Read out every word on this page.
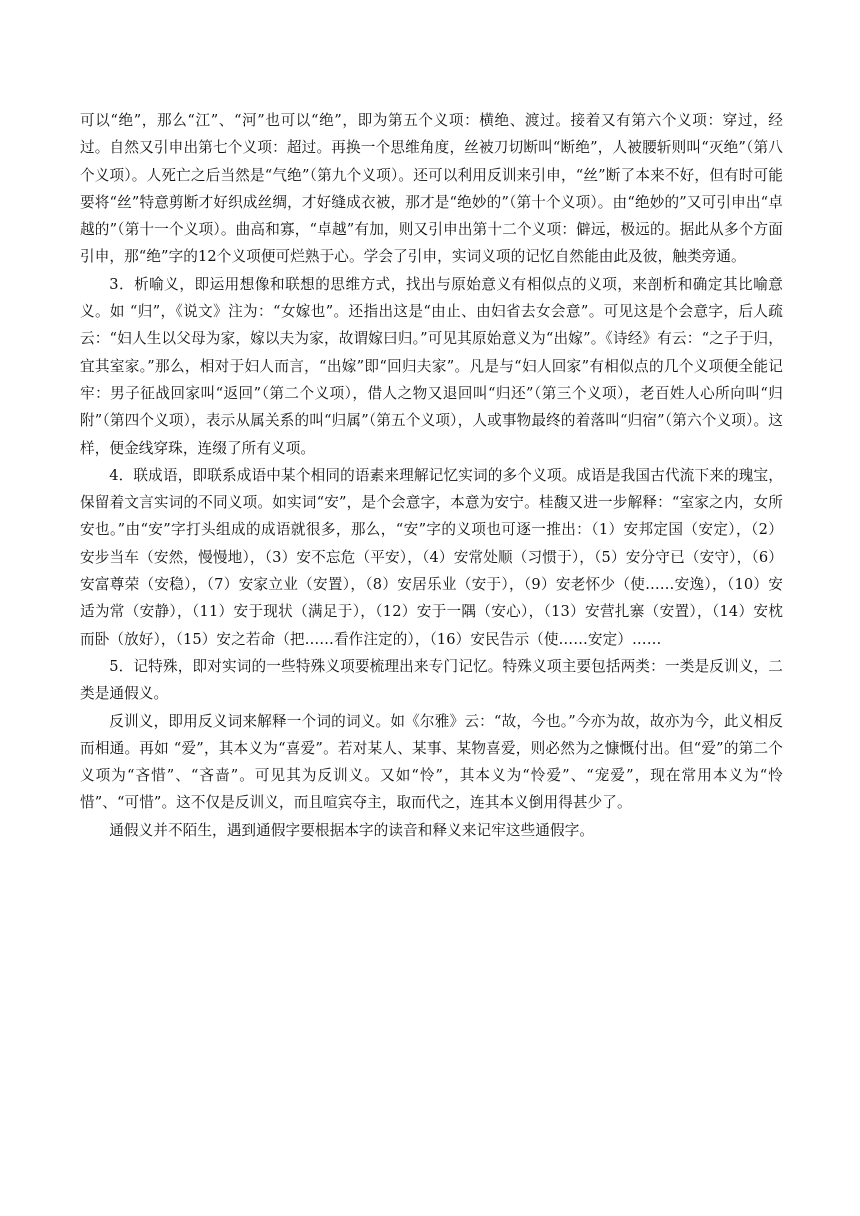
可以“绝”，那么“江”、“河”也可以“绝”，即为第五个义项：横绝、渡过。接着又有第六个义项：穿过，经过。自然又引申出第七个义项：超过。再换一个思维角度，丝被刀切断叫“断绝”，人被腰斩则叫“灭绝”（第八个义项）。人死亡之后当然是“气绝”（第九个义项）。还可以利用反训来引申，“丝”断了本来不好，但有时可能要将“丝”特意剪断才好织成丝绸，才好缝成衣被，那才是“绝妙的”（第十个义项）。由“绝妙的”又可引申出“卓越的”（第十一个义项）。曲高和寡，“卓越”有加，则又引申出第十二个义项：僻远，极远的。据此从多个方面引申，那“绝”字的12个义项便可烂熟于心。学会了引申，实词义项的记忆自然能由此及彼，触类旁通。

3．析喻义，即运用想像和联想的思维方式，找出与原始意义有相似点的义项，来剖析和确定其比喻意义。如 “归”，《说文》注为：“女嫁也”。还指出这是“由止、由妇省去女会意”。可见这是个会意字，后人疏云：“妇人生以父母为家，嫁以夫为家，故谓嫁曰归。”可见其原始意义为“出嫁”。《诗经》有云：“之子于归，宜其室家。”那么，相对于妇人而言，“出嫁”即“回归夫家”。凡是与“妇人回家”有相似点的几个义项便全能记牢：男子征战回家叫“返回”（第二个义项），借人之物又退回叫“归还”（第三个义项），老百姓人心所向叫“归附”（第四个义项），表示从属关系的叫“归属”（第五个义项），人或事物最终的着落叫“归宿”（第六个义项）。这样，便金线穿珠，连缀了所有义项。

4．联成语，即联系成语中某个相同的语素来理解记忆实词的多个义项。成语是我国古代流下来的瑰宝，保留着文言实词的不同义项。如实词“安”，是个会意字，本意为安宁。桂馥又进一步解释：“室家之内，女所安也。”由“安”字打头组成的成语就很多，那么，“安”字的义项也可逐一推出：（1）安邦定国（安定），（2）安步当车（安然，慢慢地），（3）安不忘危（平安），（4）安常处顺（习惯于），（5）安分守已（安守），（6）安富尊荣（安稳），（7）安家立业（安置），（8）安居乐业（安于），（9）安老怀少（使……安逸），（10）安适为常（安静），（11）安于现状（满足于），（12）安于一隅（安心），（13）安营扎寨（安置），（14）安枕而卧（放好），（15）安之若命（把……看作注定的），（16）安民告示（使……安定）……

5．记特殊，即对实词的一些特殊义项要梳理出来专门记忆。特殊义项主要包括两类：一类是反训义，二类是通假义。

反训义，即用反义词来解释一个词的词义。如《尔雅》云：“故，今也。”今亦为故，故亦为今，此义相反而相通。再如 “爱”，其本义为“喜爱”。若对某人、某事、某物喜爱，则必然为之慷慨付出。但“爱”的第二个义项为“吝惜”、“吝啬”。可见其为反训义。又如“怜”，其本义为“怜爱”、“宠爱”，现在常用本义为“怜惜”、“可惜”。这不仅是反训义，而且喧宾夺主，取而代之，连其本义倒用得甚少了。

通假义并不陌生，遇到通假字要根据本字的读音和释义来记牢这些通假字。
